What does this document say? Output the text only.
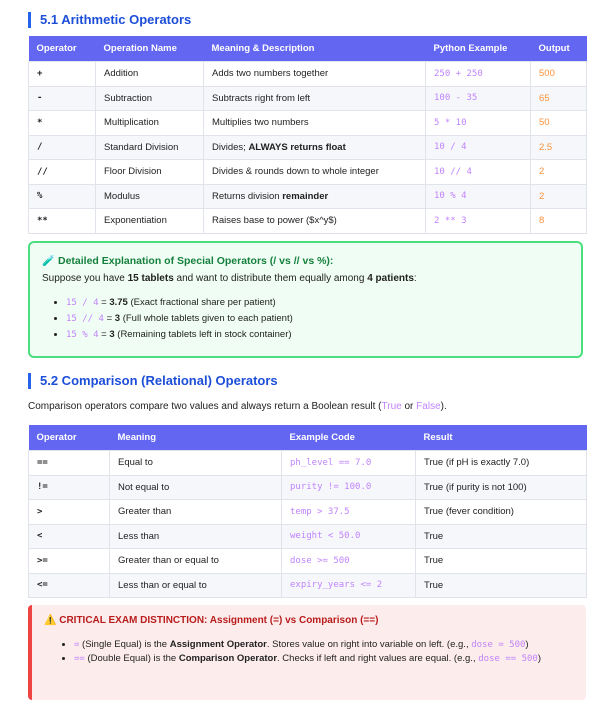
5.1 Arithmetic Operators
Operator	Operation Name	Meaning & Description	Python Example	Output
+	Addition	Adds two numbers together	250 + 250	500
-	Subtraction	Subtracts right from left	100 - 35	65
*	Multiplication	Multiplies two numbers	5 * 10	50
/	Standard Division	Divides; ALWAYS returns float	10 / 4	2.5
//	Floor Division	Divides & rounds down to whole integer	10 // 4	2
%	Modulus	Returns division remainder	10 % 4	2
**	Exponentiation	Raises base to power ($x^y$)	2 ** 3	8
🧪 Detailed Explanation of Special Operators (/ vs // vs %):
Suppose you have 15 tablets and want to distribute them equally among 4 patients:
• 15 / 4 = 3.75 (Exact fractional share per patient)
• 15 // 4 = 3 (Full whole tablets given to each patient)
• 15 % 4 = 3 (Remaining tablets left in stock container)
5.2 Comparison (Relational) Operators
Comparison operators compare two values and always return a Boolean result (True or False).
Operator	Meaning	Example Code	Result
==	Equal to	ph_level == 7.0	True (if pH is exactly 7.0)
!=	Not equal to	purity != 100.0	True (if purity is not 100)
>	Greater than	temp > 37.5	True (fever condition)
<	Less than	weight < 50.0	True
>=	Greater than or equal to	dose >= 500	True
<=	Less than or equal to	expiry_years <= 2	True
⚠️ CRITICAL EXAM DISTINCTION: Assignment (=) vs Comparison (==)
• = (Single Equal) is the Assignment Operator. Stores value on right into variable on left. (e.g., dose = 500)
• == (Double Equal) is the Comparison Operator. Checks if left and right values are equal. (e.g., dose == 500)
